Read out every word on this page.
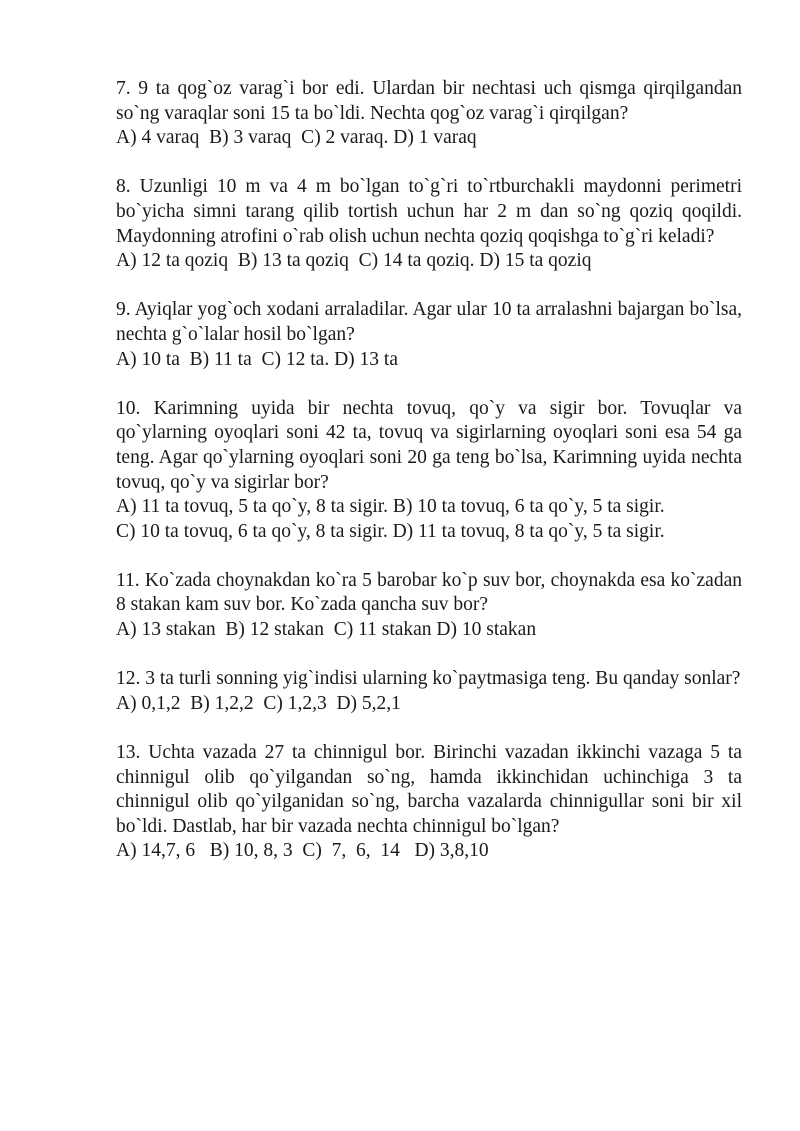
7. 9 ta qog`oz varag`i bor edi. Ulardan bir nechtasi uch qismga qirqilgandan so`ng varaqlar soni 15 ta bo`ldi. Nechta qog`oz varag`i qirqilgan?

A) 4 varaq  B) 3 varaq  C) 2 varaq. D) 1 varaq

8. Uzunligi 10 m va 4 m bo`lgan to`g`ri to`rtburchakli maydonni perimetri bo`yicha simni tarang qilib tortish uchun har 2 m dan so`ng qoziq qoqildi. Maydonning atrofini o`rab olish uchun nechta qoziq qoqishga to`g`ri keladi?

A) 12 ta qoziq  B) 13 ta qoziq  C) 14 ta qoziq. D) 15 ta qoziq

9. Ayiqlar yog`och xodani arraladilar. Agar ular 10 ta arralashni bajargan bo`lsa, nechta g`o`lalar hosil bo`lgan?

A) 10 ta  B) 11 ta  C) 12 ta. D) 13 ta

10. Karimning uyida bir nechta tovuq, qo`y va sigir bor. Tovuqlar va qo`ylarning oyoqlari soni 42 ta, tovuq va sigirlarning oyoqlari soni esa 54 ga teng. Agar qo`ylarning oyoqlari soni 20 ga teng bo`lsa, Karimning uyida nechta tovuq, qo`y va sigirlar bor?

A) 11 ta tovuq, 5 ta qo`y, 8 ta sigir. B) 10 ta tovuq, 6 ta qo`y, 5 ta sigir.

C) 10 ta tovuq, 6 ta qo`y, 8 ta sigir. D) 11 ta tovuq, 8 ta qo`y, 5 ta sigir.

11. Ko`zada choynakdan ko`ra 5 barobar ko`p suv bor, choynakda esa ko`zadan 8 stakan kam suv bor. Ko`zada qancha suv bor?

A) 13 stakan  B) 12 stakan  C) 11 stakan D) 10 stakan

12. 3 ta turli sonning yig`indisi ularning ko`paytmasiga teng. Bu qanday sonlar?

A) 0,1,2  B) 1,2,2  C) 1,2,3  D) 5,2,1

13. Uchta vazada 27 ta chinnigul bor. Birinchi vazadan ikkinchi vazaga 5 ta chinnigul olib qo`yilgandan so`ng, hamda ikkinchidan uchinchiga 3 ta chinnigul olib qo`yilganidan so`ng, barcha vazalarda chinnigullar soni bir xil bo`ldi. Dastlab, har bir vazada nechta chinnigul bo`lgan?

A) 14,7, 6   B) 10, 8, 3  C)  7,  6,  14   D) 3,8,10
